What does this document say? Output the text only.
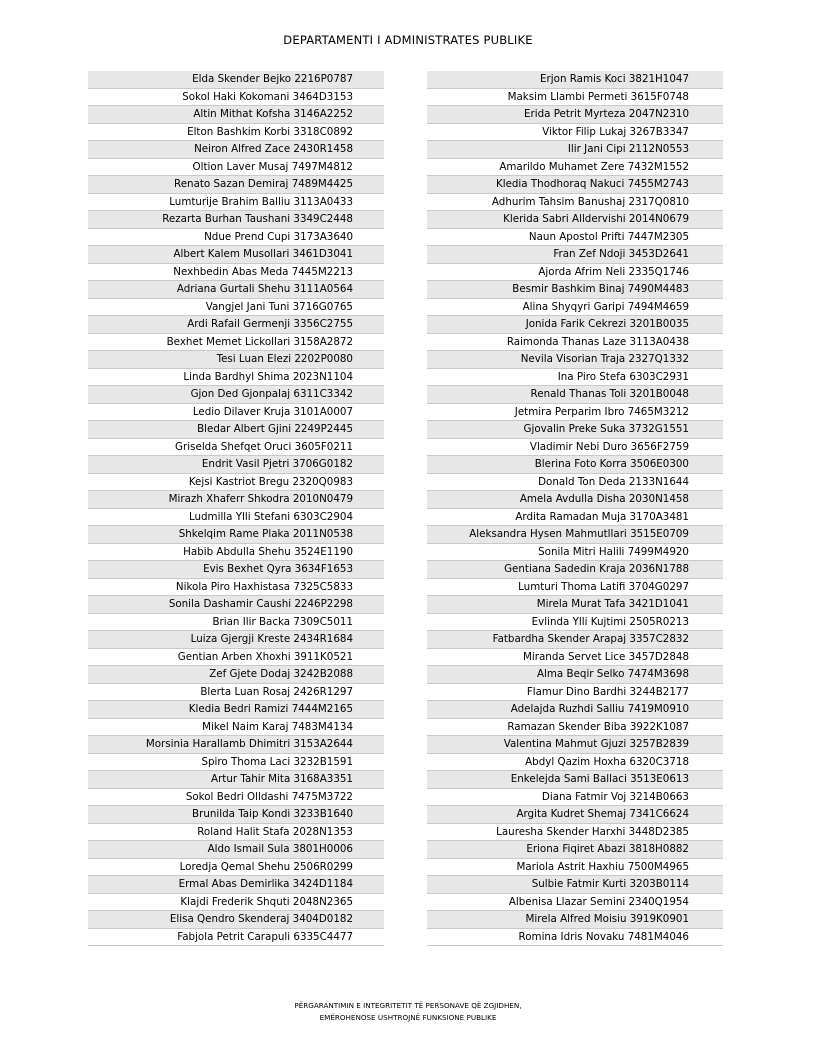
DEPARTAMENTI I ADMINISTRATES PUBLIKE
Elda Skender Bejko 2216P0787
Sokol Haki Kokomani 3464D3153
Altin Mithat Kofsha 3146A2252
Elton Bashkim Korbi 3318C0892
Neiron Alfred Zace 2430R1458
Oltion Laver Musaj 7497M4812
Renato Sazan Demiraj 7489M4425
Lumturije Brahim Balliu 3113A0433
Rezarta Burhan Taushani 3349C2448
Ndue Prend Cupi 3173A3640
Albert Kalem Musollari 3461D3041
Nexhbedin Abas Meda 7445M2213
Adriana Gurtali Shehu 3111A0564
Vangjel Jani Tuni 3716G0765
Ardi Rafail Germenji 3356C2755
Bexhet Memet Lickollari 3158A2872
Tesi Luan Elezi 2202P0080
Linda Bardhyl Shima 2023N1104
Gjon Ded Gjonpalaj 6311C3342
Ledio Dilaver Kruja 3101A0007
Bledar Albert Gjini 2249P2445
Griselda Shefqet Oruci 3605F0211
Endrit Vasil Pjetri 3706G0182
Kejsi Kastriot Bregu 2320Q0983
Mirazh Xhaferr Shkodra 2010N0479
Ludmilla Ylli Stefani 6303C2904
Shkelqim Rame Plaka 2011N0538
Habib Abdulla Shehu 3524E1190
Evis Bexhet Qyra 3634F1653
Nikola Piro Haxhistasa 7325C5833
Sonila Dashamir Caushi 2246P2298
Brian Ilir Backa 7309C5011
Luiza Gjergji Kreste 2434R1684
Gentian Arben Xhoxhi 3911K0521
Zef Gjete Dodaj 3242B2088
Blerta Luan Rosaj 2426R1297
Kledia Bedri Ramizi 7444M2165
Mikel Naim Karaj 7483M4134
Morsinia Harallamb Dhimitri 3153A2644
Spiro Thoma Laci 3232B1591
Artur Tahir Mita 3168A3351
Sokol Bedri Olldashi 7475M3722
Brunilda Taip Kondi 3233B1640
Roland Halit Stafa 2028N1353
Aldo Ismail Sula 3801H0006
Loredja Qemal Shehu 2506R0299
Ermal Abas Demirlika 3424D1184
Klajdi Frederik Shquti 2048N2365
Elisa Qendro Skenderaj 3404D0182
Fabjola Petrit Carapuli 6335C4477
Erjon Ramis Koci 3821H1047
Maksim Llambi Permeti 3615F0748
Erida Petrit Myrteza 2047N2310
Viktor Filip Lukaj 3267B3347
Ilir Jani Cipi 2112N0553
Amarildo Muhamet Zere 7432M1552
Kledia Thodhoraq Nakuci 7455M2743
Adhurim Tahsim Banushaj 2317Q0810
Klerida Sabri Alldervishi 2014N0679
Naun Apostol Prifti 7447M2305
Fran Zef Ndoji 3453D2641
Ajorda Afrim Neli 2335Q1746
Besmir Bashkim Binaj 7490M4483
Alina Shyqyri Garipi 7494M4659
Jonida Farik Cekrezi 3201B0035
Raimonda Thanas Laze 3113A0438
Nevila Visorian Traja 2327Q1332
Ina Piro Stefa 6303C2931
Renald Thanas Toli 3201B0048
Jetmira Perparim Ibro 7465M3212
Gjovalin Preke Suka 3732G1551
Vladimir Nebi Duro 3656F2759
Blerina Foto Korra 3506E0300
Donald Ton Deda 2133N1644
Amela Avdulla Disha 2030N1458
Ardita Ramadan Muja 3170A3481
Aleksandra Hysen Mahmutllari 3515E0709
Sonila Mitri Halili 7499M4920
Gentiana Sadedin Kraja 2036N1788
Lumturi Thoma Latifi 3704G0297
Mirela Murat Tafa 3421D1041
Evlinda Ylli Kujtimi 2505R0213
Fatbardha Skender Arapaj 3357C2832
Miranda Servet Lice 3457D2848
Alma Beqir Selko 7474M3698
Flamur Dino Bardhi 3244B2177
Adelajda Ruzhdi Salliu 7419M0910
Ramazan Skender Biba 3922K1087
Valentina Mahmut Gjuzi 3257B2839
Abdyl Qazim Hoxha 6320C3718
Enkelejda Sami Ballaci 3513E0613
Diana Fatmir Voj 3214B0663
Argita Kudret Shemaj 7341C6624
Lauresha Skender Harxhi 3448D2385
Eriona Fiqiret Abazi 3818H0882
Mariola Astrit Haxhiu 7500M4965
Sulbie Fatmir Kurti 3203B0114
Albenisa Llazar Semini 2340Q1954
Mirela Alfred Moisiu 3919K0901
Romina Idris Novaku 7481M4046
PËRGARANTIMIN E INTEGRITETIT TË PERSONAVE QË ZGJIDHEN,
EMËROHENOSE USHTROJNË FUNKSIONE PUBLIKE
